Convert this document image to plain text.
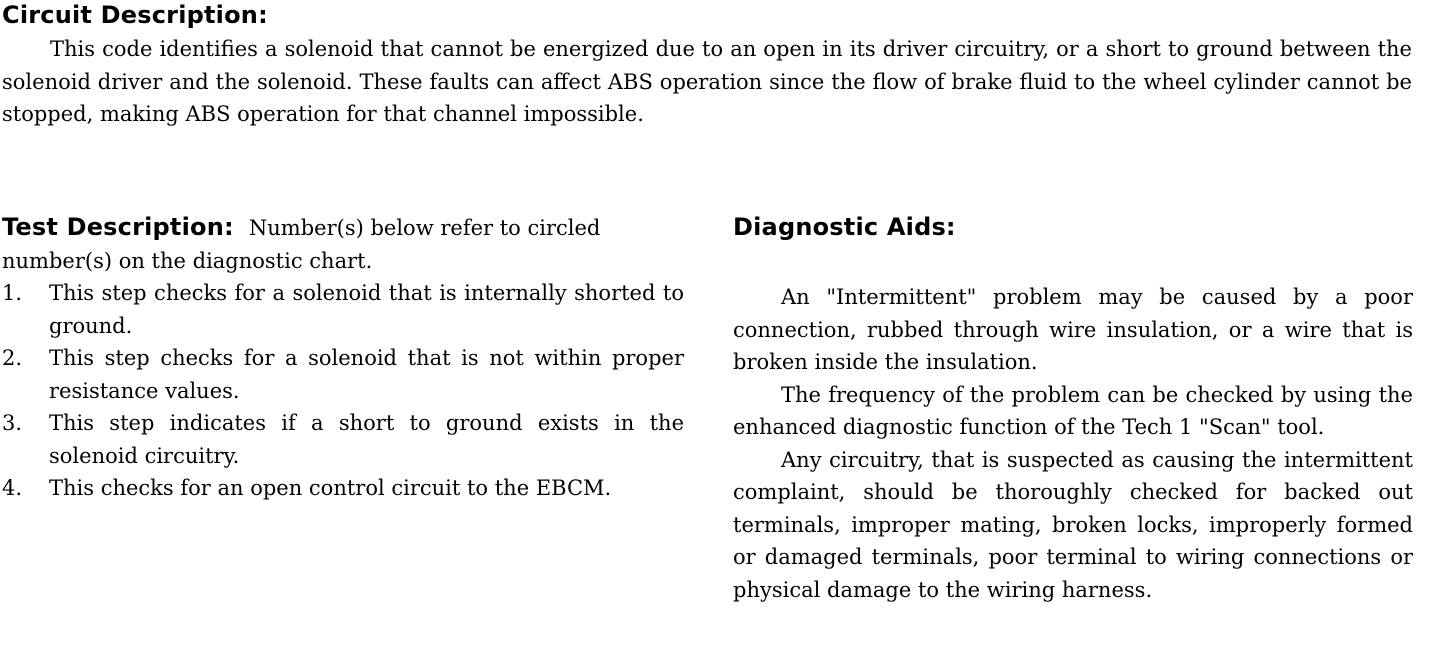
Circuit Description:

This code identifies a solenoid that cannot be energized due to an open in its driver circuitry, or a short to ground between the solenoid driver and the solenoid. These faults can affect ABS operation since the flow of brake fluid to the wheel cylinder cannot be stopped, making ABS operation for that channel impossible.

Test Description: Number(s) below refer to circled number(s) on the diagnostic chart.

1.	This step checks for a solenoid that is internally shorted to ground.
2.	This step checks for a solenoid that is not within proper resistance values.
3.	This step indicates if a short to ground exists in the solenoid circuitry.
4.	This checks for an open control circuit to the EBCM.
Diagnostic Aids:

An "Intermittent" problem may be caused by a poor connection, rubbed through wire insulation, or a wire that is broken inside the insulation.

The frequency of the problem can be checked by using the enhanced diagnostic function of the Tech 1 "Scan" tool.

Any circuitry, that is suspected as causing the intermittent complaint, should be thoroughly checked for backed out terminals, improper mating, broken locks, improperly formed or damaged terminals, poor terminal to wiring connections or physical damage to the wiring harness.
